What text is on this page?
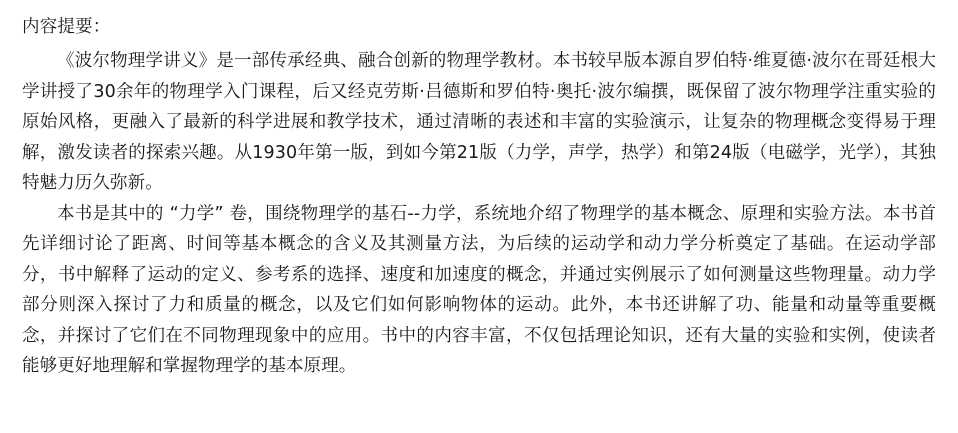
内容提要：

《波尔物理学讲义》是一部传承经典、融合创新的物理学教材。本书较早版本源自罗伯特·维夏德·波尔在哥廷根大学讲授了30余年的物理学入门课程，后又经克劳斯·吕德斯和罗伯特·奥托·波尔编撰，既保留了波尔物理学注重实验的原始风格，更融入了最新的科学进展和教学技术，通过清晰的表述和丰富的实验演示，让复杂的物理概念变得易于理解，激发读者的探索兴趣。从1930年第一版，到如今第21版（力学，声学，热学）和第24版（电磁学，光学），其独特魅力历久弥新。

本书是其中的 “力学” 卷，围绕物理学的基石--力学，系统地介绍了物理学的基本概念、原理和实验方法。本书首先详细讨论了距离、时间等基本概念的含义及其测量方法，为后续的运动学和动力学分析奠定了基础。在运动学部分，书中解释了运动的定义、参考系的选择、速度和加速度的概念，并通过实例展示了如何测量这些物理量。动力学部分则深入探讨了力和质量的概念，以及它们如何影响物体的运动。此外，本书还讲解了功、能量和动量等重要概念，并探讨了它们在不同物理现象中的应用。书中的内容丰富，不仅包括理论知识，还有大量的实验和实例，使读者能够更好地理解和掌握物理学的基本原理。
